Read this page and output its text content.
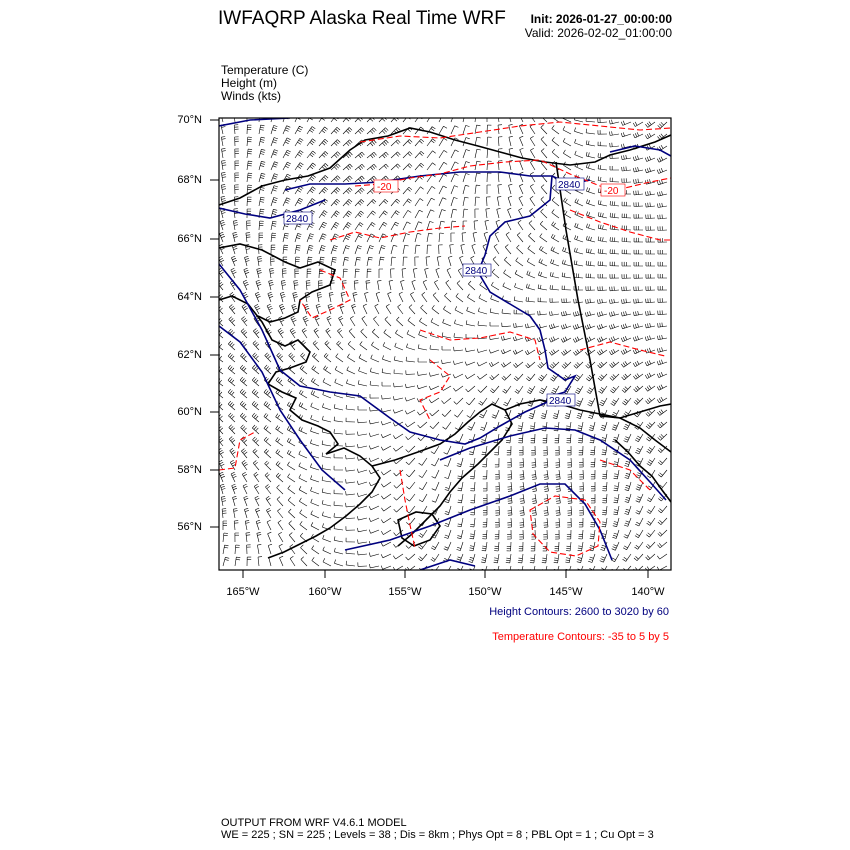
IWFAQRP Alaska Real Time WRF Init: 2026-01-27_00:00:00
Valid: 2026-02-02_01:00:00
Temperature (C)
Height (m)
Winds (kts)
2840
2840
2840
2840
-20	-20
70°N
68°N
66°N
64°N
62°N
60°N
58°N
56°N
165°W	160°W	155°W	150°W	145°W	140°W
Height Contours: 2600 to 3020 by 60
Temperature Contours: -35 to 5 by 5
OUTPUT FROM WRF V4.6.1 MODEL
WE = 225 ; SN = 225 ; Levels = 38 ; Dis = 8km ; Phys Opt = 8 ; PBL Opt = 1 ; Cu Opt = 3
